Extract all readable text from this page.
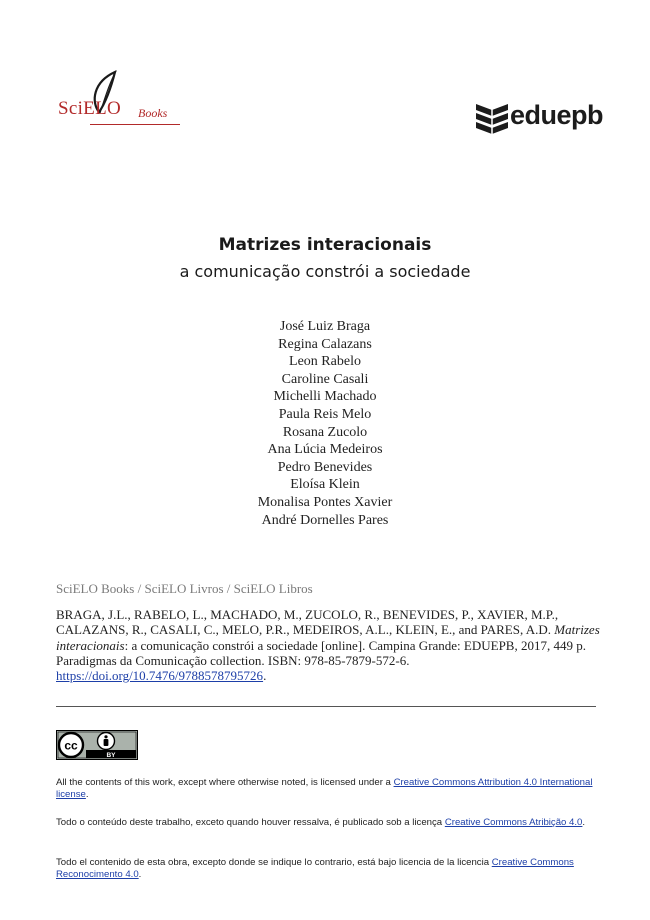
SciELO Books	eduepb
Matrizes interacionais
a comunicação constrói a sociedade
José Luiz Braga
Regina Calazans
Leon Rabelo
Caroline Casali
Michelli Machado
Paula Reis Melo
Rosana Zucolo
Ana Lúcia Medeiros
Pedro Benevides
Eloísa Klein
Monalisa Pontes Xavier
André Dornelles Pares
SciELO Books / SciELO Livros / SciELO Libros
BRAGA, J.L., RABELO, L., MACHADO, M., ZUCOLO, R., BENEVIDES, P., XAVIER, M.P., CALAZANS, R., CASALI, C., MELO, P.R., MEDEIROS, A.L., KLEIN, E., and PARES, A.D. Matrizes interacionais: a comunicação constrói a sociedade [online]. Campina Grande: EDUEPB, 2017, 449 p. Paradigmas da Comunicação collection. ISBN: 978-85-7879-572-6. https://doi.org/10.7476/9788578795726.
cc
BY
All the contents of this work, except where otherwise noted, is licensed under a Creative Commons Attribution 4.0 International license.
Todo o conteúdo deste trabalho, exceto quando houver ressalva, é publicado sob a licença Creative Commons Atribição 4.0.
Todo el contenido de esta obra, excepto donde se indique lo contrario, está bajo licencia de la licencia Creative Commons Reconocimento 4.0.
